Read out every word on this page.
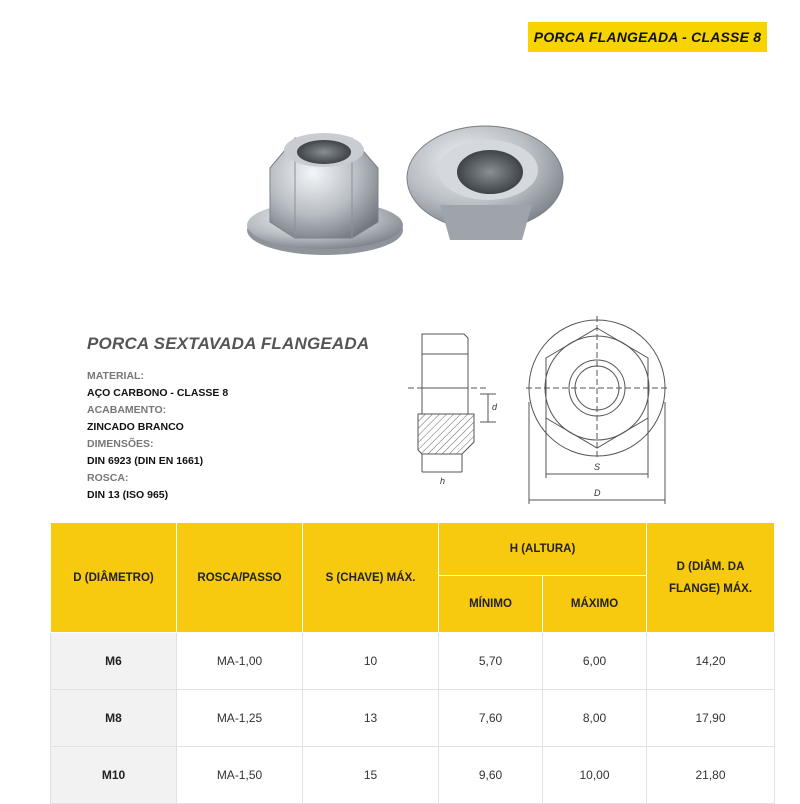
PORCA FLANGEADA - CLASSE 8
PORCA SEXTAVADA FLANGEADA
MATERIAL:
AÇO CARBONO - CLASSE 8
ACABAMENTO:
ZINCADO BRANCO
DIMENSÕES:
DIN 6923 (DIN EN 1661)
ROSCA:
DIN 13 (ISO 965)
d
h
S
D
D (DIÂMETRO)	ROSCA/PASSO	S (CHAVE) MÁX.	H (ALTURA)		D (DIÂM. DA FLANGE) MÁX.
			MÍNIMO	MÁXIMO	
M6	MA-1,00	10	5,70	6,00	14,20
M8	MA-1,25	13	7,60	8,00	17,90
M10	MA-1,50	15	9,60	10,00	21,80
